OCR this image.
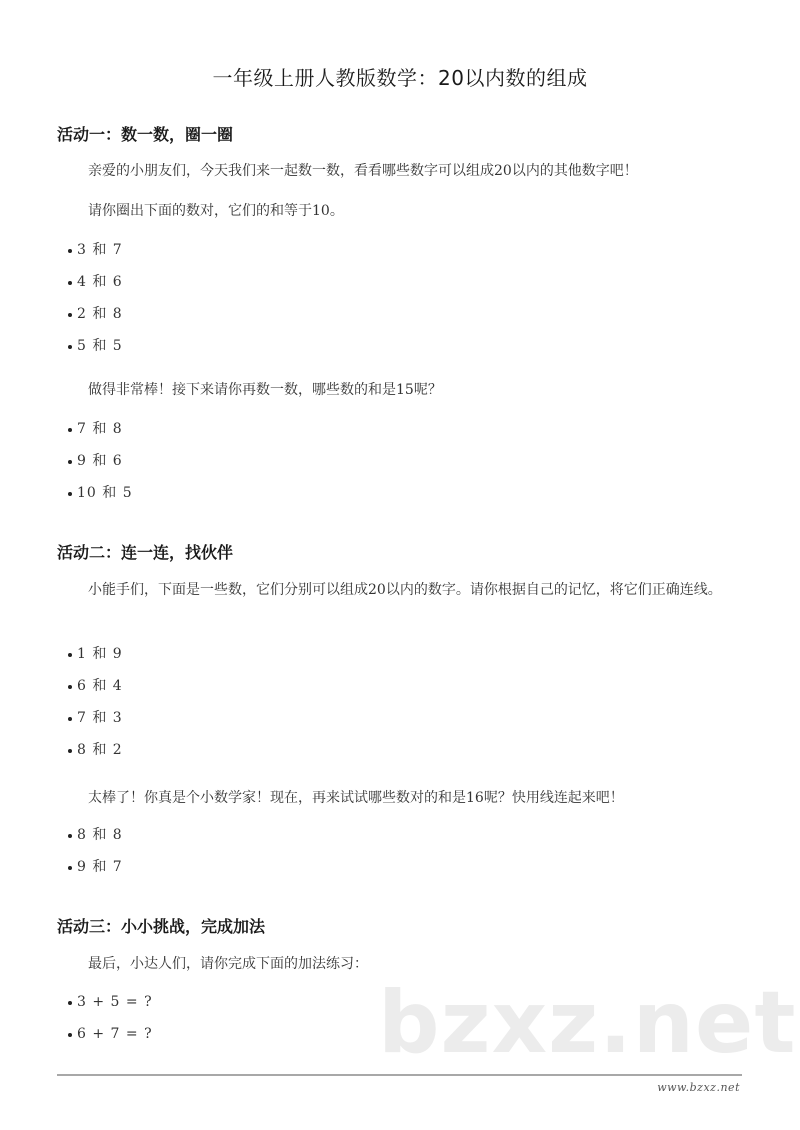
一年级上册人教版数学：20以内数的组成
活动一：数一数，圈一圈

亲爱的小朋友们，今天我们来一起数一数，看看哪些数字可以组成20以内的其他数字吧！

请你圈出下面的数对，它们的和等于10。

3 和 7

4 和 6

2 和 8

5 和 5

做得非常棒！接下来请你再数一数，哪些数的和是15呢？

7 和 8

9 和 6

10 和 5

活动二：连一连，找伙伴

小能手们，下面是一些数，它们分别可以组成20以内的数字。请你根据自己的记忆，将它们正确连线。

1 和 9

6 和 4

7 和 3

8 和 2

太棒了！你真是个小数学家！现在，再来试试哪些数对的和是16呢？快用线连起来吧！

8 和 8

9 和 7

活动三：小小挑战，完成加法

最后，小达人们，请你完成下面的加法练习：

bzxz.net

3 + 5 = ?

6 + 7 = ?

www.bzxz.net
